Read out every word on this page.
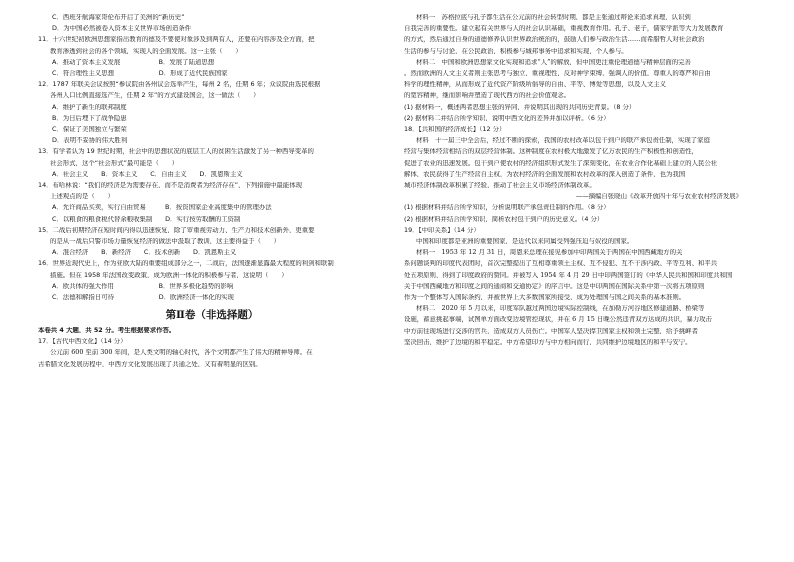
C．西班牙航海家哥伦布开启了美洲的“新历史”
D．为中国必然被卷入资本主义世界市场创造条件
11．十六世纪初欧洲思想家指出教育的德及不要使对象涉及到两有人，还要在内容涉及全方面，把
教育渗透到社会的各个领域，实现人的全面发展。这一主张（　　）
A．推动了资本主义发展　　　　　　B．发展了陆道思想
C．符合理性主义思想　　　　　　　D．形成了近代民族国家
12．1787 年联关会议按照“参议院由各州议会选举产生，每州 2 名，任期 6 年；众议院由选民根据
各州人口比例直接选产生，任期 2 年”的方式建设国会，这一做法（　　）
A．维护了新生的联邦制度
B．为日后埋下了战争隐患
C．保证了美国独立与繁荣
D．表明不妥协的伟大胜利
13．有学者认为 19 世纪时期，社会中的思想状况的底层工人的贫困生活激发了另一种西导变革的
社会形式，这个“社会形式”最可能是（　　）
A．社会主义　　B．资本主义　　C．自由主义　　D．凯恩斯主义
14．布哈林说：“我们的经济是为需要存在，而不是消费者为经济存在”，下列措施中最能体现
上述观点的是（　　）
A．允许商品买卖，实行自由贸易　　　B．按资国家企业高度集中的管理办法
C．以粮食的粮食税代替余粮收集制　　D．实行按劳取酬的工资制
15．二战后初期经济在短时间内得以迅速恢复，除了审重视劳动力、生产力和技术创新外，更重要
的是从一战后只警市场力量恢复经济的做法中汲取了教训，这主要得益于（　　）
A．混合经济　　B．新经济　　C．技术创新　　D．凯恩斯主义
16．世界近现代史上，作为亚欧大陆的重要组成部分之一，二战后，法国逐渐显露最大程度的利剑和联制
措施。但在 1958 年法国改变政策，成为欧洲一体化的积极参与者，这说明（　　）
A．欧共体的强大作用　　　　　　　B．世界多极化趋势的影响
C．法德和解指日可待　　　　　　　D．欧洲经济一体化的实现
第Ⅱ卷（非选择题）
本卷共 4 大题，共 52 分。考生根据要求作答。
17．【古代中西文化】（14 分）
公元前 600 至前 300 年间，是人类文明的轴心时代，各个文明都产生了伟大的精神导师。在
古希腊文化发展历程中，中西方文化发展出现了共通之处，又有着明显的区别。
材料一　苏格拉底与孔子都生活在公元前的社会转型时期，都是主张通过辩论来追求真理，认识到
自我完善的重要性。建立起有关世界与人的社会认识基础，重视教育作用。孔子、老子，儒家学派等大力发展教育
的方式，然后通过自身的道德修养认识世界政治统治的，鼓励人们参与政治生活……而希腊哲人对社会政治
生活的参与与讨论，在公民政治，积极参与城邦事务中追求和实现，个人参与。
材料二　中国和欧洲思想家文化实现和追求“人”的解放，但中国更注重伦理道德与精神层面的完善
。然而欧洲的人文主义者则主张思考与独立，重视理性，反对神学束缚，强调人的价值，尊重人的尊严和自由
科学的理性精神，从而形成了近代资产阶级所倡导的自由、平等、博爱等思想，以及人文主义
的宽容精神，继而影响并塑造了现代西方的社会价值观念。
(1) 据材料一，概述两者思想主张的异同，并说明其出现的共同历史背景。（8 分）
(2) 据材料二并结合所学知识，说明中西文化的差异并加以评析。（6 分）
18．【共和国的经济成长】（12 分）
材料　十一届三中全会后，经过不断的探索，我国的农村改革以包干到户的联产承包责任制，实现了家庭
经营与集体经营相结合的双层经营体制。这种制度在农村极大地激发了亿万农民的生产积极性和创造性，
促进了农业的迅速发展。包干到户使农村的经济组织形式发生了深刻变化，在农业合作化基础上建立的人民公社
解体，农民获得了生产经营自主权，为农村经济的全面发展和农村改革的深入创造了条件，也为我国
城市经济体制改革积累了经验，推动了社会主义市场经济体制改革。
——摘编自张晓山《改革开放四十年与农业农村经济发展》
(1) 根据材料并结合所学知识，分析说明联产承包责任制的作用。（8 分）
(2) 根据材料并结合所学知识，简析农村包干到户的历史意义。（4 分）
19．【中印关系】（14 分）
中国和印度都是亚洲的重要国家，是近代以来同属受列强压迫与奴役的国家。
材料一　1953 年 12 月 31 日，周恩来总理在接见参加中印两国关于两国在中国西藏地方的关
系问题谈判的印度代表团时，首次完整提出了互相尊重领土主权、互不侵犯、互不干涉内政、平等互利、和平共
处五项原则，得到了印度政府的赞同。并被写入 1954 年 4 月 29 日中印两国签订的《中华人民共和国和印度共和国
关于中国西藏地方和印度之间的通商和交通协定》的序言中。这是中印两国在国际关系中第一次将五项原则
作为一个整体写入国际条约，并被世界上大多数国家所接受，成为处理国与国之间关系的基本准则。
材料二　2020 年 5 月以来，印度军队越过两国边境实际控制线，在加勒万河谷地区修建道路、桥梁等
设施，蓄意挑起事端，试图单方面改变边境管控现状，并在 6 月 15 日晚公然违背双方达成的共识，暴力攻击
中方前往现场进行交涉的官兵，造成双方人员伤亡。中国军人坚决捍卫国家主权和领土完整，给予挑衅者
坚决回击，维护了边境的和平稳定。中方希望印方与中方相向而行，共同维护边境地区的和平与安宁。
